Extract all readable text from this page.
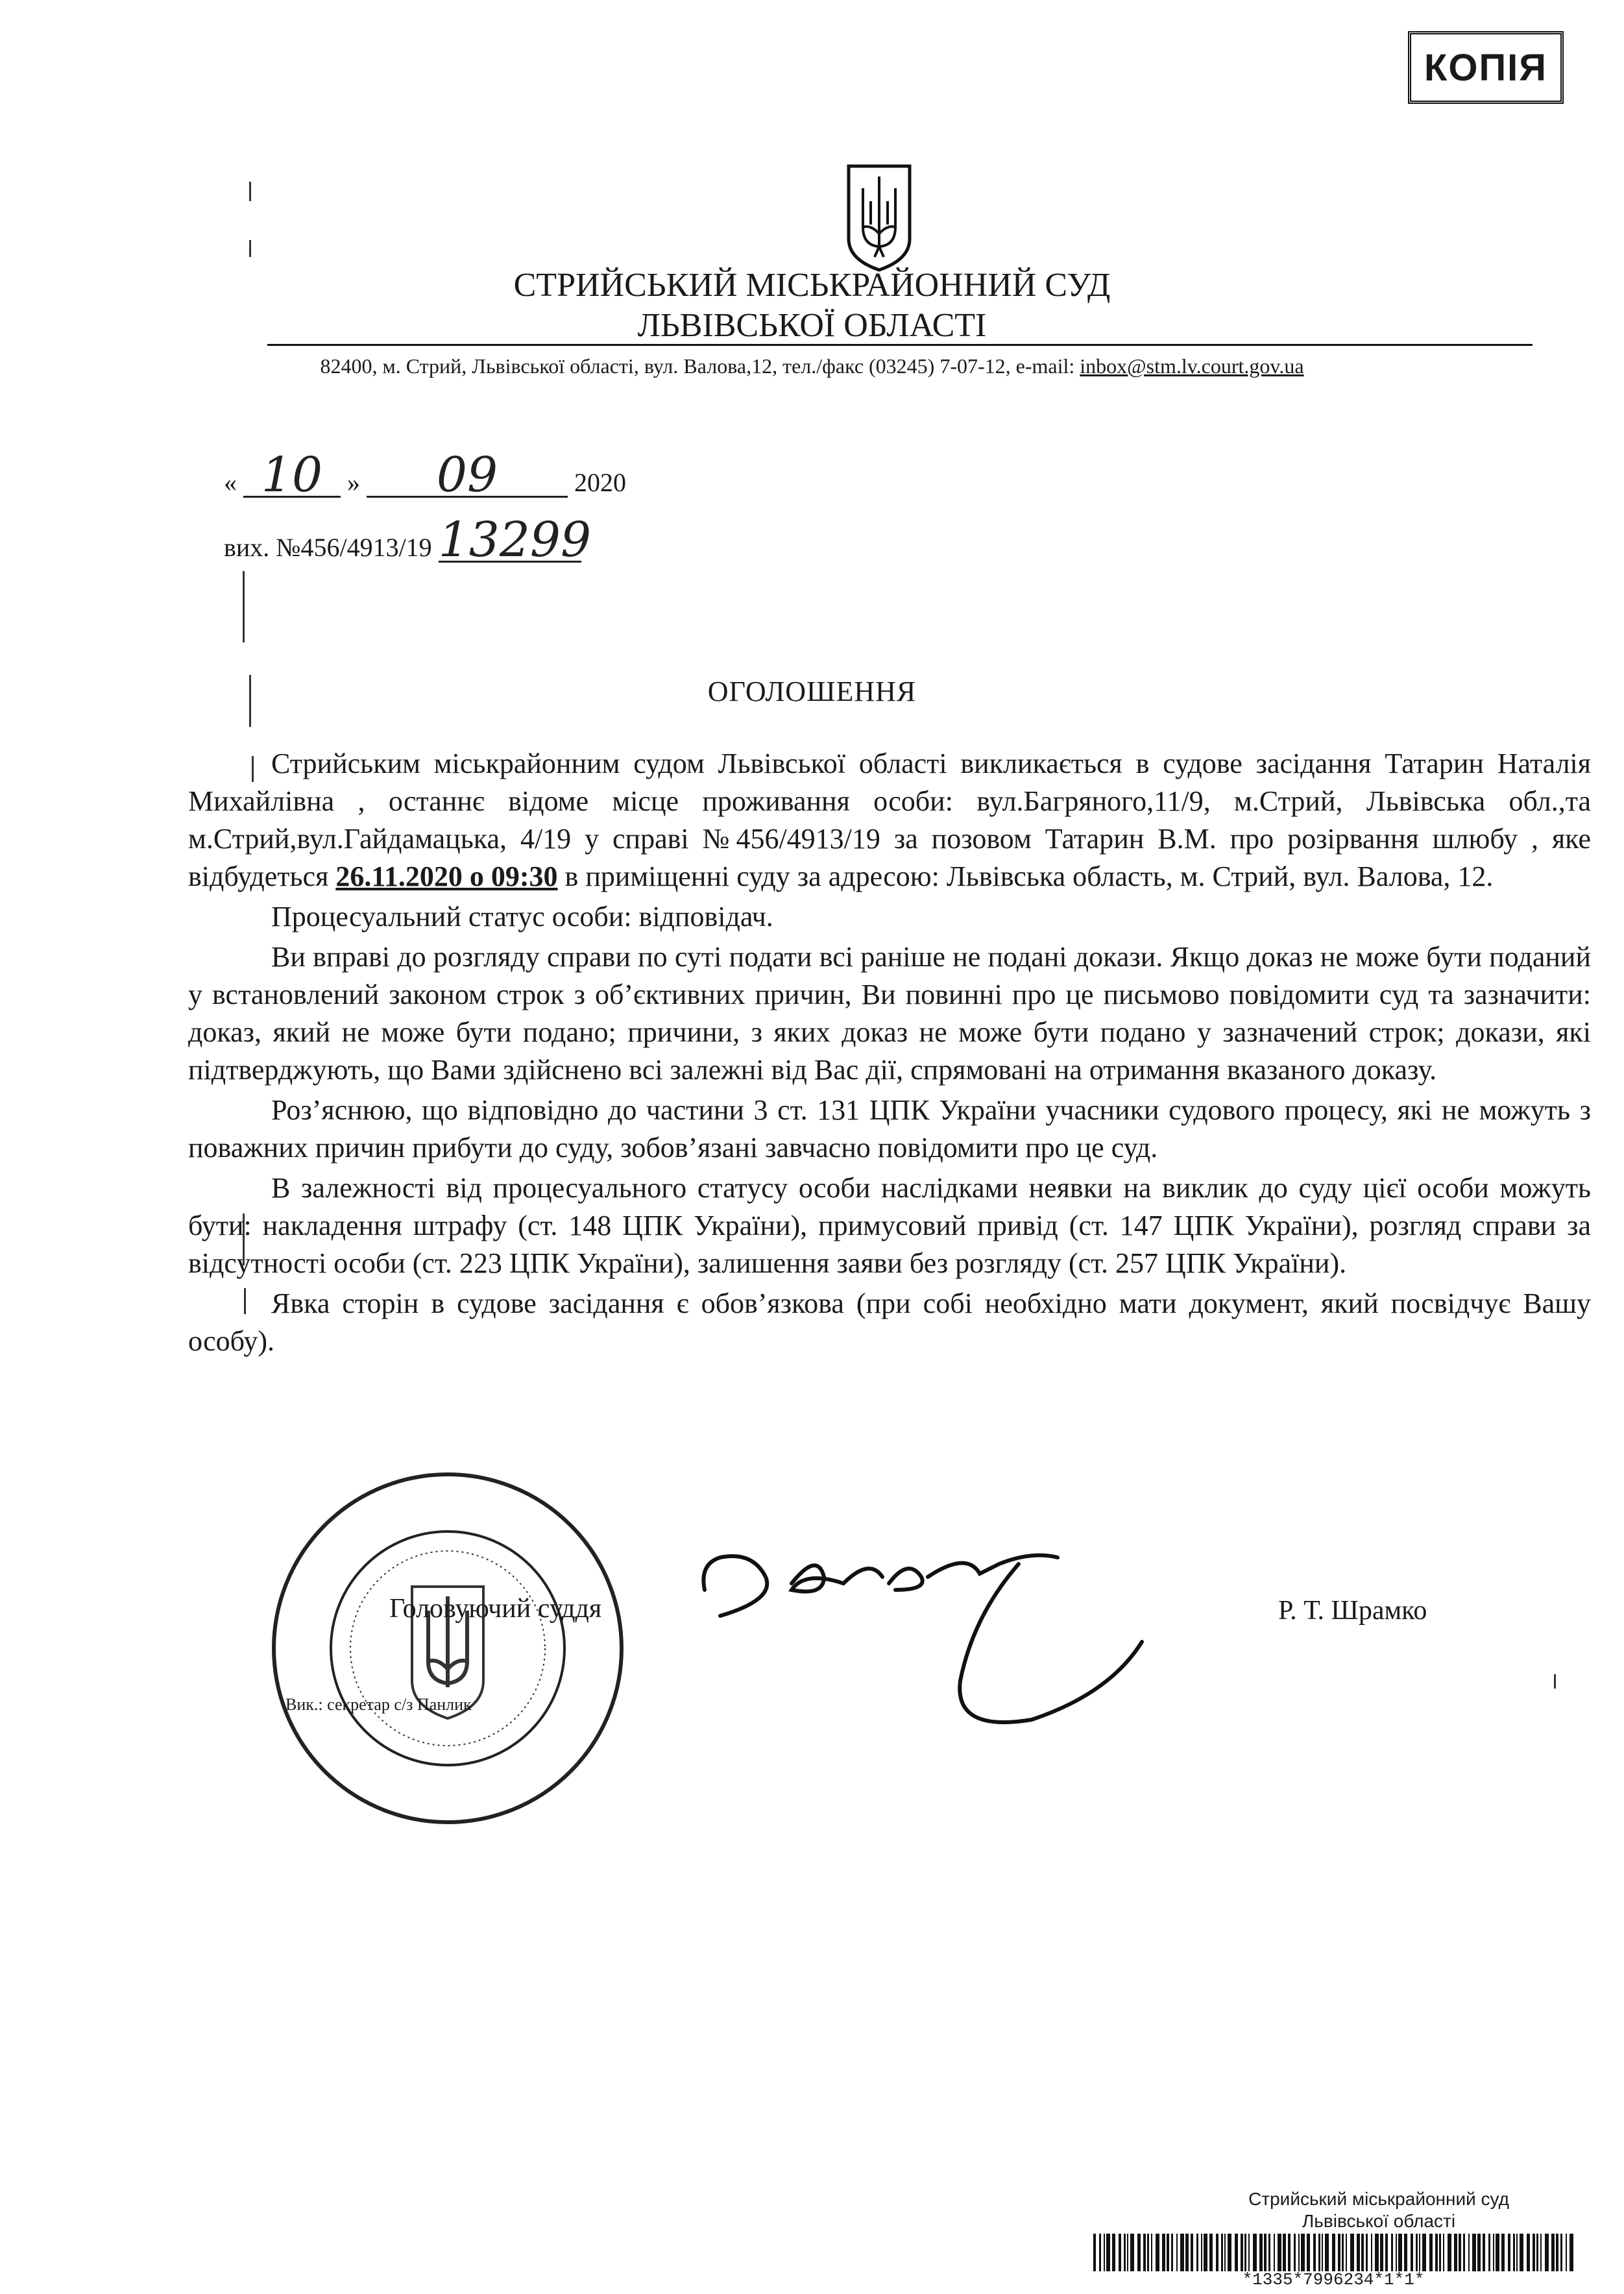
КОПІЯ
СТРИЙСЬКИЙ МІСЬКРАЙОННИЙ СУД
ЛЬВІВСЬКОЇ ОБЛАСТІ
82400, м. Стрий, Львівської області, вул. Валова,12, тел./факс (03245) 7-07-12, e-mail: inbox@stm.lv.court.gov.ua
« 10 » 09	2020
вих. №456/4913/19 13299
ОГОЛОШЕННЯ

Стрийським міськрайонним судом Львівської області викликається в судове засідання Татарин Наталія Михайлівна , останнє відоме місце проживання особи: вул.Багряного,11/9, м.Стрий, Львівська обл.,та м.Стрий,вул.Гайдамацька, 4/19 у справі №456/4913/19 за позовом Татарин В.М. про розірвання шлюбу , яке відбудеться 26.11.2020 о 09:30 в приміщенні суду за адресою: Львівська область, м. Стрий, вул. Валова, 12.

Процесуальний статус особи: відповідач.

Ви вправі до розгляду справи по суті подати всі раніше не подані докази. Якщо доказ не може бути поданий у встановлений законом строк з об’єктивних причин, Ви повинні про це письмово повідомити суд та зазначити: доказ, який не може бути подано; причини, з яких доказ не може бути подано у зазначений строк; докази, які підтверджують, що Вами здійснено всі залежні від Вас дії, спрямовані на отримання вказаного доказу.

Роз’яснюю, що відповідно до частини 3 ст. 131 ЦПК України учасники судового процесу, які не можуть з поважних причин прибути до суду, зобов’язані завчасно повідомити про це суд.

В залежності від процесуального статусу особи наслідками неявки на виклик до суду цієї особи можуть бути: накладення штрафу (ст. 148 ЦПК України), примусовий привід (ст. 147 ЦПК України), розгляд справи за відсутності особи (ст. 223 ЦПК України), залишення заяви без розгляду (ст. 257 ЦПК України).

Явка сторін в судове засідання є обов’язкова (при собі необхідно мати документ, який посвідчує Вашу особу).

Головуючий суддя	Р. Т. Шрамко
Вик.: секретар с/з Панлик
Стрийський міськрайонний суд
Львівської області
*1335*7996234*1*1*
